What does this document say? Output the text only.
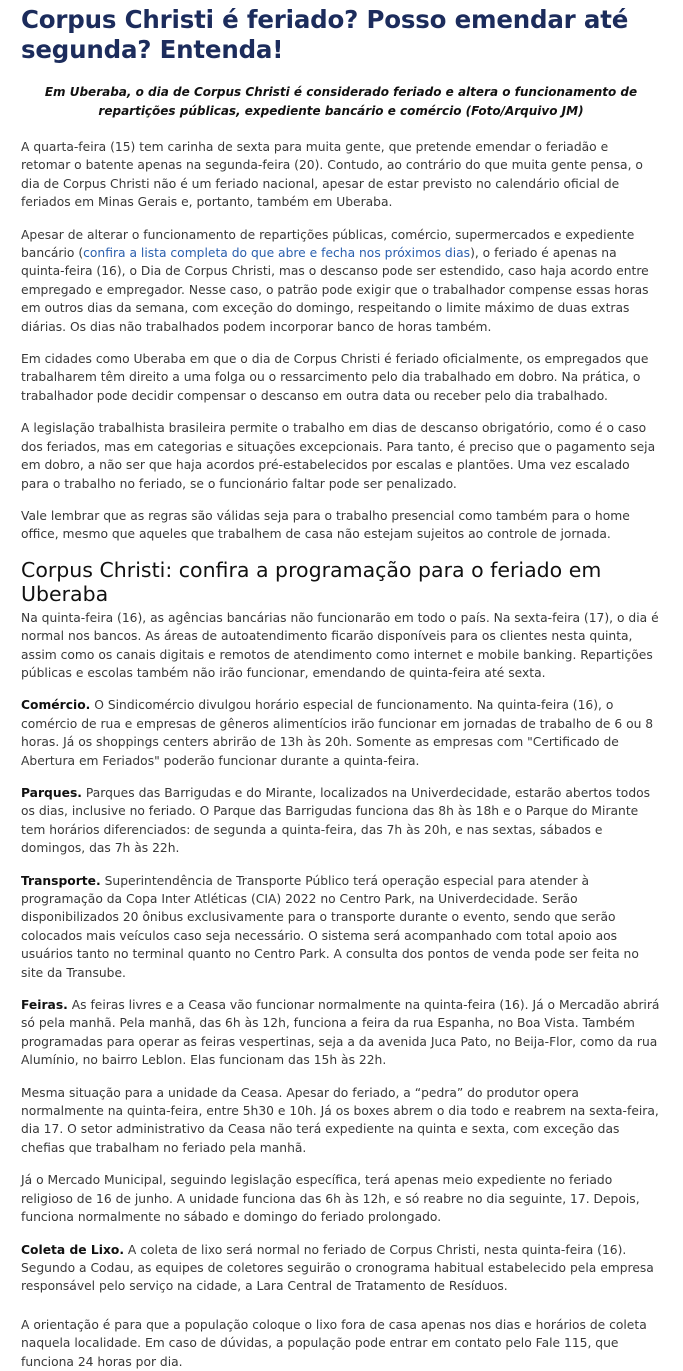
Corpus Christi é feriado? Posso emendar até segunda? Entenda!
Em Uberaba, o dia de Corpus Christi é considerado feriado e altera o funcionamento de repartições públicas, expediente bancário e comércio (Foto/Arquivo JM)

A quarta-feira (15) tem carinha de sexta para muita gente, que pretende emendar o feriadão e retomar o batente apenas na segunda-feira (20). Contudo, ao contrário do que muita gente pensa, o dia de Corpus Christi não é um feriado nacional, apesar de estar previsto no calendário oficial de feriados em Minas Gerais e, portanto, também em Uberaba.

Apesar de alterar o funcionamento de repartições públicas, comércio, supermercados e expediente bancário (confira a lista completa do que abre e fecha nos próximos dias), o feriado é apenas na quinta-feira (16), o Dia de Corpus Christi, mas o descanso pode ser estendido, caso haja acordo entre empregado e empregador. Nesse caso, o patrão pode exigir que o trabalhador compense essas horas em outros dias da semana, com exceção do domingo, respeitando o limite máximo de duas extras diárias. Os dias não trabalhados podem incorporar banco de horas também.

Em cidades como Uberaba em que o dia de Corpus Christi é feriado oficialmente, os empregados que trabalharem têm direito a uma folga ou o ressarcimento pelo dia trabalhado em dobro. Na prática, o trabalhador pode decidir compensar o descanso em outra data ou receber pelo dia trabalhado.

A legislação trabalhista brasileira permite o trabalho em dias de descanso obrigatório, como é o caso dos feriados, mas em categorias e situações excepcionais. Para tanto, é preciso que o pagamento seja em dobro, a não ser que haja acordos pré-estabelecidos por escalas e plantões. Uma vez escalado para o trabalho no feriado, se o funcionário faltar pode ser penalizado.

Vale lembrar que as regras são válidas seja para o trabalho presencial como também para o home office, mesmo que aqueles que trabalhem de casa não estejam sujeitos ao controle de jornada.

Corpus Christi: confira a programação para o feriado em Uberaba

Na quinta-feira (16), as agências bancárias não funcionarão em todo o país. Na sexta-feira (17), o dia é normal nos bancos. As áreas de autoatendimento ficarão disponíveis para os clientes nesta quinta, assim como os canais digitais e remotos de atendimento como internet e mobile banking. Repartições públicas e escolas também não irão funcionar, emendando de quinta-feira até sexta.

Comércio. O Sindicomércio divulgou horário especial de funcionamento. Na quinta-feira (16), o comércio de rua e empresas de gêneros alimentícios irão funcionar em jornadas de trabalho de 6 ou 8 horas. Já os shoppings centers abrirão de 13h às 20h. Somente as empresas com "Certificado de Abertura em Feriados" poderão funcionar durante a quinta-feira.

Parques. Parques das Barrigudas e do Mirante, localizados na Univerdecidade, estarão abertos todos os dias, inclusive no feriado. O Parque das Barrigudas funciona das 8h às 18h e o Parque do Mirante tem horários diferenciados: de segunda a quinta-feira, das 7h às 20h, e nas sextas, sábados e domingos, das 7h às 22h.

Transporte. Superintendência de Transporte Público terá operação especial para atender à programação da Copa Inter Atléticas (CIA) 2022 no Centro Park, na Univerdecidade. Serão disponibilizados 20 ônibus exclusivamente para o transporte durante o evento, sendo que serão colocados mais veículos caso seja necessário. O sistema será acompanhado com total apoio aos usuários tanto no terminal quanto no Centro Park. A consulta dos pontos de venda pode ser feita no site da Transube.

Feiras. As feiras livres e a Ceasa vão funcionar normalmente na quinta-feira (16). Já o Mercadão abrirá só pela manhã. Pela manhã, das 6h às 12h, funciona a feira da rua Espanha, no Boa Vista. Também programadas para operar as feiras vespertinas, seja a da avenida Juca Pato, no Beija-Flor, como da rua Alumínio, no bairro Leblon. Elas funcionam das 15h às 22h.

Mesma situação para a unidade da Ceasa. Apesar do feriado, a “pedra” do produtor opera normalmente na quinta-feira, entre 5h30 e 10h. Já os boxes abrem o dia todo e reabrem na sexta-feira, dia 17. O setor administrativo da Ceasa não terá expediente na quinta e sexta, com exceção das chefias que trabalham no feriado pela manhã.

Já o Mercado Municipal, seguindo legislação específica, terá apenas meio expediente no feriado religioso de 16 de junho. A unidade funciona das 6h às 12h, e só reabre no dia seguinte, 17. Depois, funciona normalmente no sábado e domingo do feriado prolongado.

Coleta de Lixo. A coleta de lixo será normal no feriado de Corpus Christi, nesta quinta-feira (16). Segundo a Codau, as equipes de coletores seguirão o cronograma habitual estabelecido pela empresa responsável pelo serviço na cidade, a Lara Central de Tratamento de Resíduos.

A orientação é para que a população coloque o lixo fora de casa apenas nos dias e horários de coleta naquela localidade. Em caso de dúvidas, a população pode entrar em contato pelo Fale 115, que funciona 24 horas por dia.
